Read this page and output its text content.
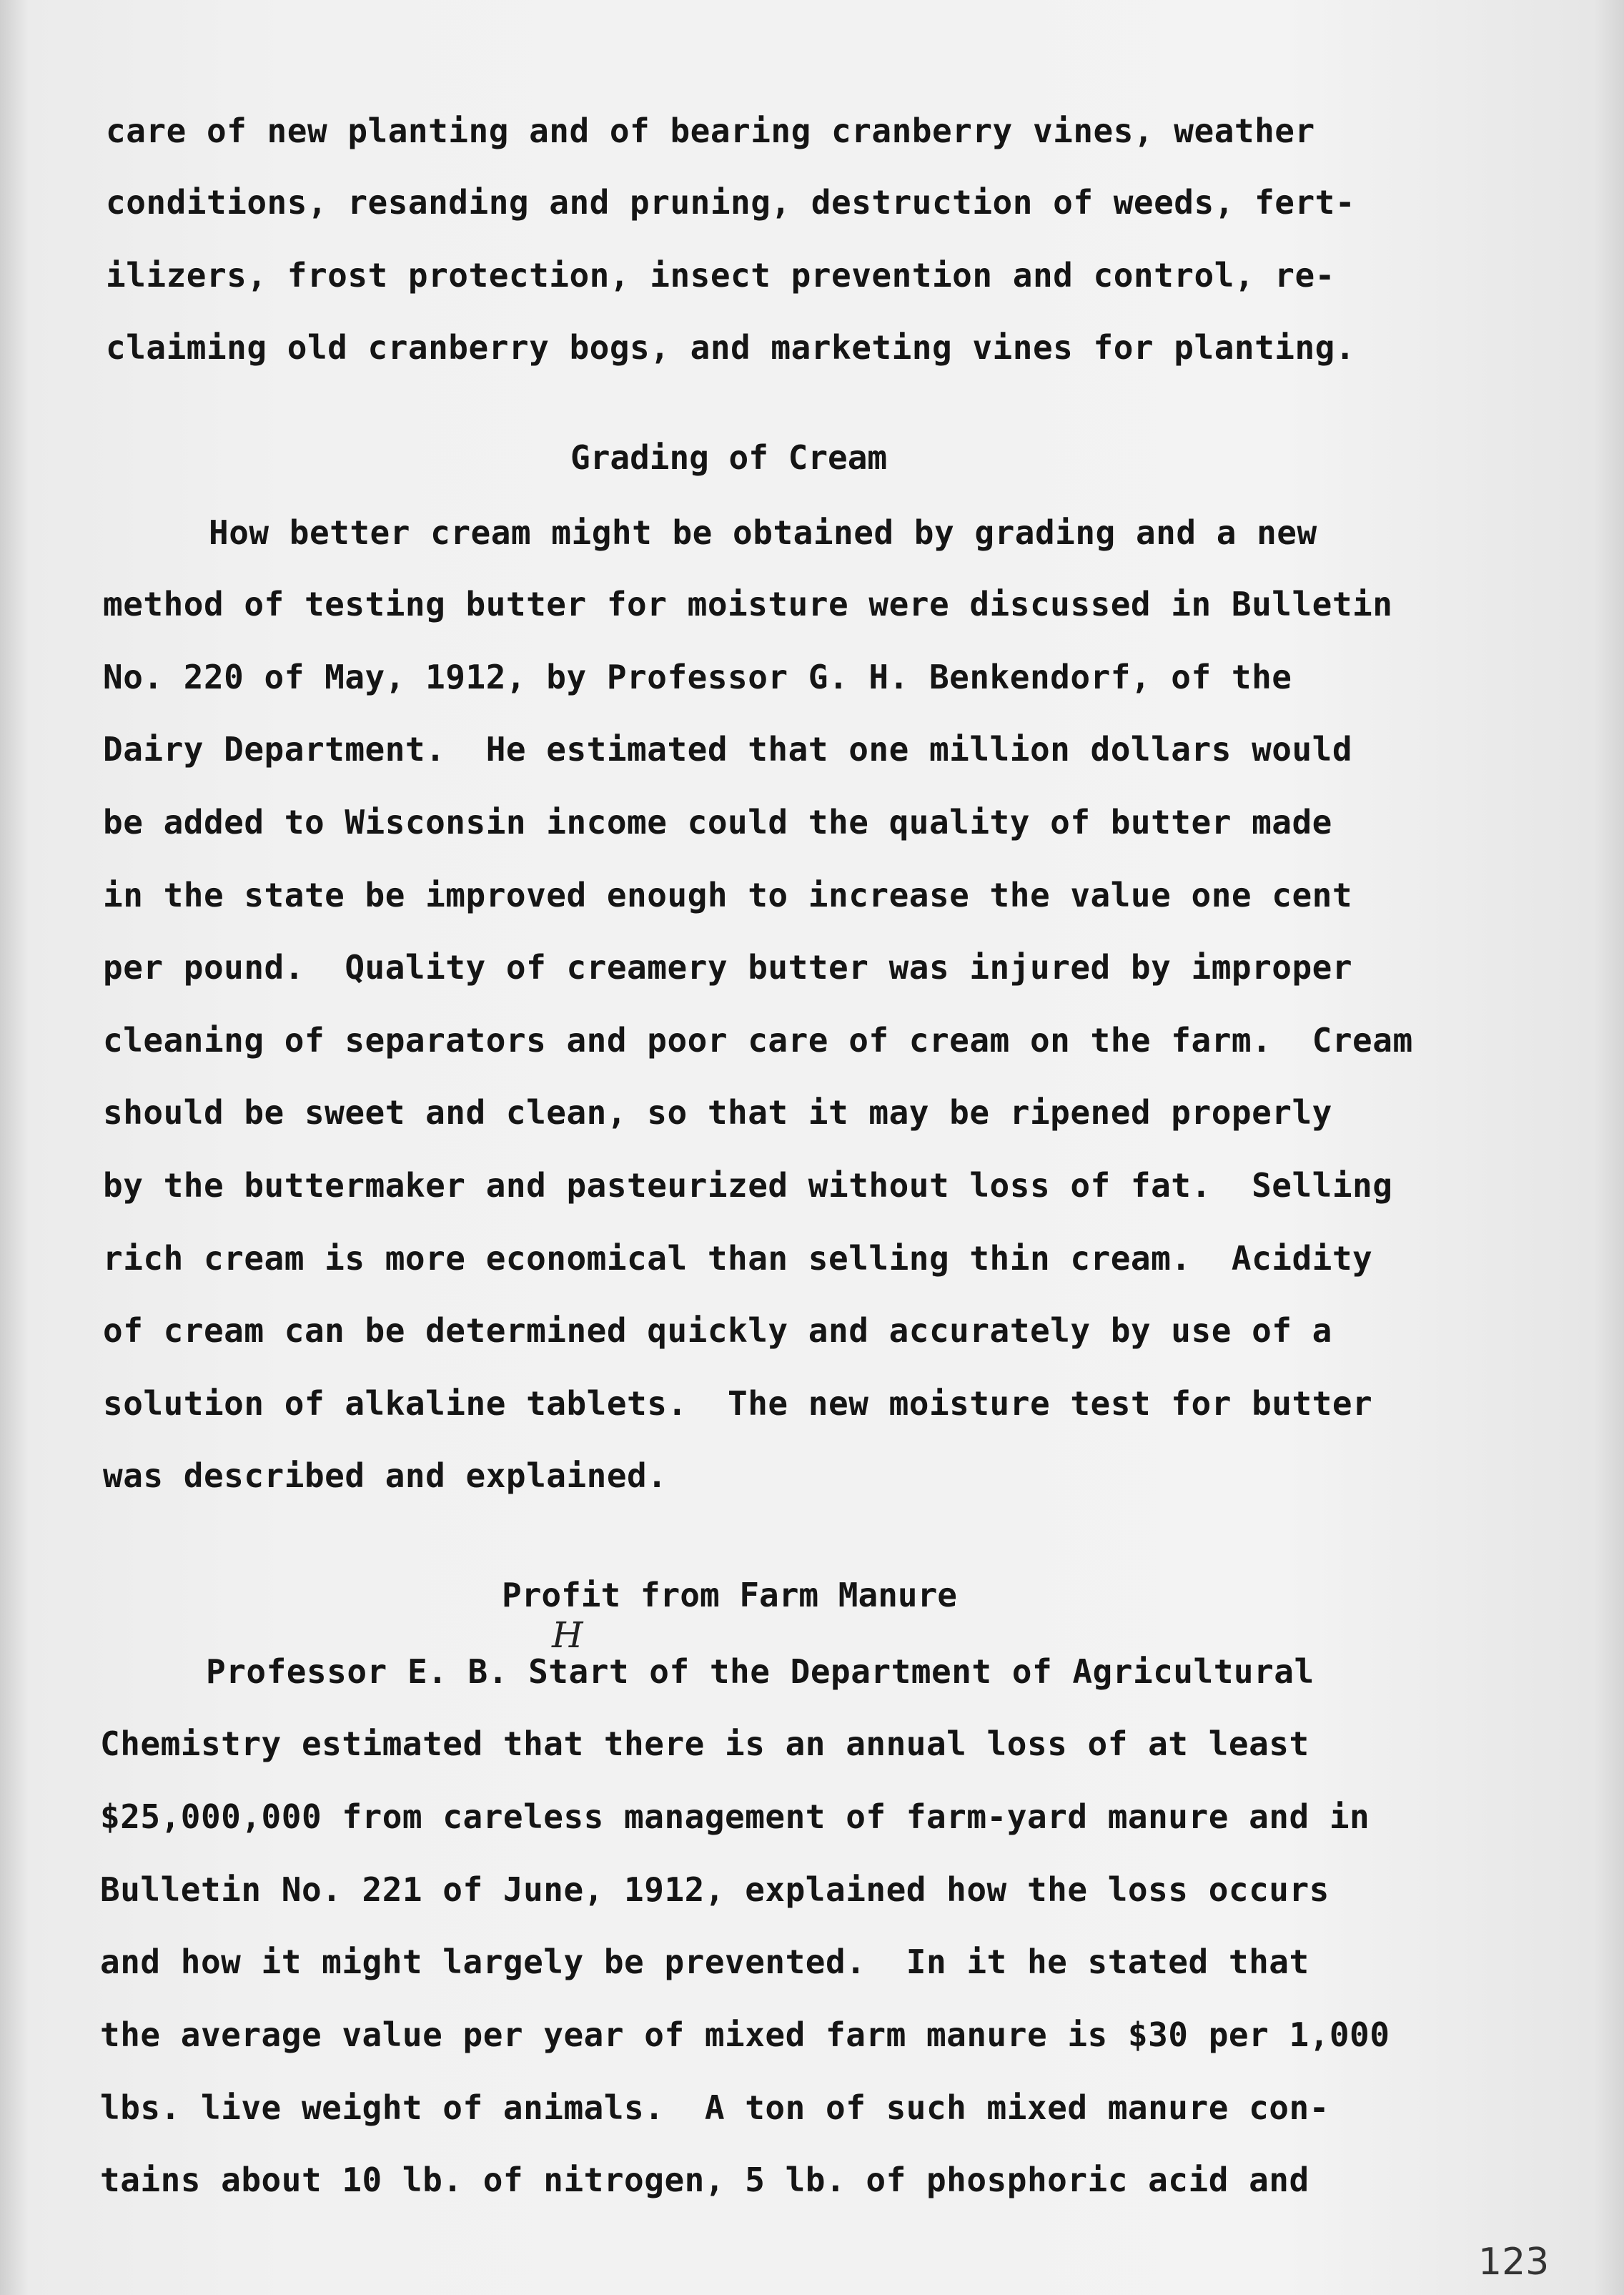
care of new planting and of bearing cranberry vines, weather

conditions, resanding and pruning, destruction of weeds, fert-

ilizers, frost protection, insect prevention and control, re-

claiming old cranberry bogs, and marketing vines for planting.

Grading of Cream

How better cream might be obtained by grading and a new

method of testing butter for moisture were discussed in Bulletin

No. 220 of May, 1912, by Professor G. H. Benkendorf, of the

Dairy Department.  He estimated that one million dollars would

be added to Wisconsin income could the quality of butter made

in the state be improved enough to increase the value one cent

per pound.  Quality of creamery butter was injured by improper

cleaning of separators and poor care of cream on the farm.  Cream

should be sweet and clean, so that it may be ripened properly

by the buttermaker and pasteurized without loss of fat.  Selling

rich cream is more economical than selling thin cream.  Acidity

of cream can be determined quickly and accurately by use of a

solution of alkaline tablets.  The new moisture test for butter

was described and explained.

Profit from Farm Manure
H

Professor E. B. Start of the Department of Agricultural

Chemistry estimated that there is an annual loss of at least

$25,000,000 from careless management of farm-yard manure and in

Bulletin No. 221 of June, 1912, explained how the loss occurs

and how it might largely be prevented.  In it he stated that

the average value per year of mixed farm manure is $30 per 1,000

lbs. live weight of animals.  A ton of such mixed manure con-

tains about 10 lb. of nitrogen, 5 lb. of phosphoric acid and

123
